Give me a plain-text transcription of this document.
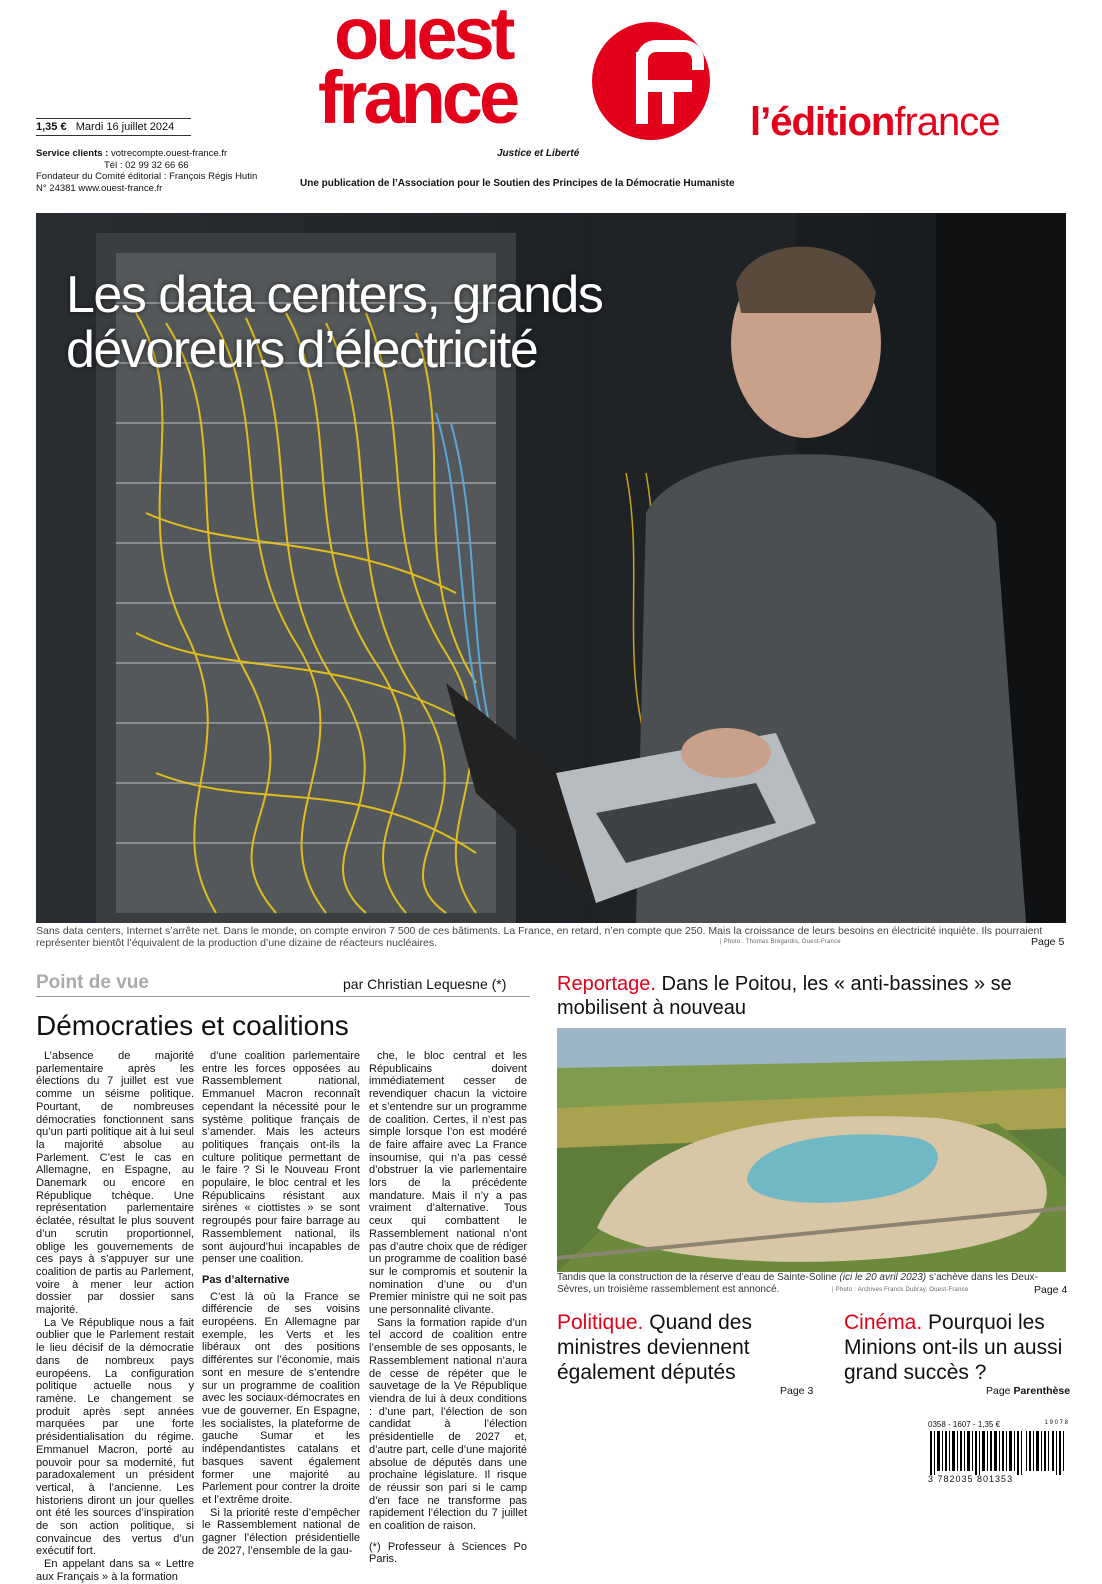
ouest
france
Justice et Liberté
l’éditionfrance
1,35 € Mardi 16 juillet 2024
Service clients : votrecompte.ouest-france.fr
Tél : 02 99 32 66 66
Fondateur du Comité éditorial : François Régis Hutin
N° 24381 www.ouest-france.fr	Une publication de l’Association pour le Soutien des Principes de la Démocratie Humaniste
Les data centers, grands
dévoreurs d’électricité
Sans data centers, Internet s’arrête net. Dans le monde, on compte environ 7 500 de ces bâtiments. La France, en retard, n’en compte que 250. Mais la croissance de leurs besoins en électricité inquiète. Ils pourraient représenter bientôt l’équivalent de la production d’une dizaine de réacteurs nucléaires.	| Photo : Thomas Brégardis, Ouest-France	Page 5
Point de vue	par Christian Lequesne (*)
Démocraties et coalitions

L’absence de majorité parlementaire après les élections du 7 juillet est vue comme un séisme politique. Pourtant, de nombreuses démocraties fonctionnent sans qu’un parti politique ait à lui seul la majorité absolue au Parlement. C’est le cas en Allemagne, en Espagne, au Danemark ou encore en République tchèque. Une représentation parlementaire éclatée, résultat le plus souvent d’un scrutin proportionnel, oblige les gouvernements de ces pays à s’appuyer sur une coalition de partis au Parlement, voire à mener leur action dossier par dossier sans majorité.

La Ve République nous a fait oublier que le Parlement restait le lieu décisif de la démocratie dans de nombreux pays européens. La configuration politique actuelle nous y ramène. Le changement se produit après sept années marquées par une forte présidentialisation du régime. Emmanuel Macron, porté au pouvoir pour sa modernité, fut paradoxalement un président vertical, à l’ancienne. Les historiens diront un jour quelles ont été les sources d’inspiration de son action politique, si convaincue des vertus d’un exécutif fort.

En appelant dans sa « Lettre aux Français » à la formation

d’une coalition parlementaire entre les forces opposées au Rassemblement national, Emmanuel Macron reconnaît cependant la nécessité pour le système politique français de s’amender. Mais les acteurs politiques français ont-ils la culture politique permettant de le faire ? Si le Nouveau Front populaire, le bloc central et les Républicains résistant aux sirènes « ciottistes » se sont regroupés pour faire barrage au Rassemblement national, ils sont aujourd’hui incapables de penser une coalition.

Pas d’alternative

C’est là où la France se différencie de ses voisins européens. En Allemagne par exemple, les Verts et les libéraux ont des positions différentes sur l’économie, mais sont en mesure de s’entendre sur un programme de coalition avec les sociaux-démocrates en vue de gouverner. En Espagne, les socialistes, la plateforme de gauche Sumar et les indépendantistes catalans et basques savent également former une majorité au Parlement pour contrer la droite et l’extrême droite.

Si la priorité reste d’empêcher le Rassemblement national de gagner l’élection présidentielle de 2027, l’ensemble de la gau-

che, le bloc central et les Républicains doivent immédiatement cesser de revendiquer chacun la victoire et s’entendre sur un programme de coalition. Certes, il n’est pas simple lorsque l’on est modéré de faire affaire avec La France insoumise, qui n’a pas cessé d’obstruer la vie parlementaire lors de la précédente mandature. Mais il n’y a pas vraiment d’alternative. Tous ceux qui combattent le Rassemblement national n’ont pas d’autre choix que de rédiger un programme de coalition basé sur le compromis et soutenir la nomination d’une ou d’un Premier ministre qui ne soit pas une personnalité clivante.

Sans la formation rapide d’un tel accord de coalition entre l’ensemble de ses opposants, le Rassemblement national n’aura de cesse de répéter que le sauvetage de la Ve République viendra de lui à deux conditions : d’une part, l’élection de son candidat à l’élection présidentielle de 2027 et, d’autre part, celle d’une majorité absolue de députés dans une prochaine législature. Il risque de réussir son pari si le camp d’en face ne transforme pas rapidement l’élection du 7 juillet en coalition de raison.

(*) Professeur à Sciences Po Paris.

Reportage. Dans le Poitou, les « anti-bassines » se mobilisent à nouveau
Tandis que la construction de la réserve d’eau de Sainte-Soline (ici le 20 avril 2023) s’achève dans les Deux-Sèvres, un troisième rassemblement est annoncé.	| Photo : Archives Franck Dubray, Ouest-France	Page 4
Politique. Quand des ministres deviennent également députés
Page 3
Cinéma. Pourquoi les Minions ont-ils un aussi grand succès ?
Page Parenthèse
0358 - 1607 - 1,35 €	1 9 0 7 8
3 782035 801353
